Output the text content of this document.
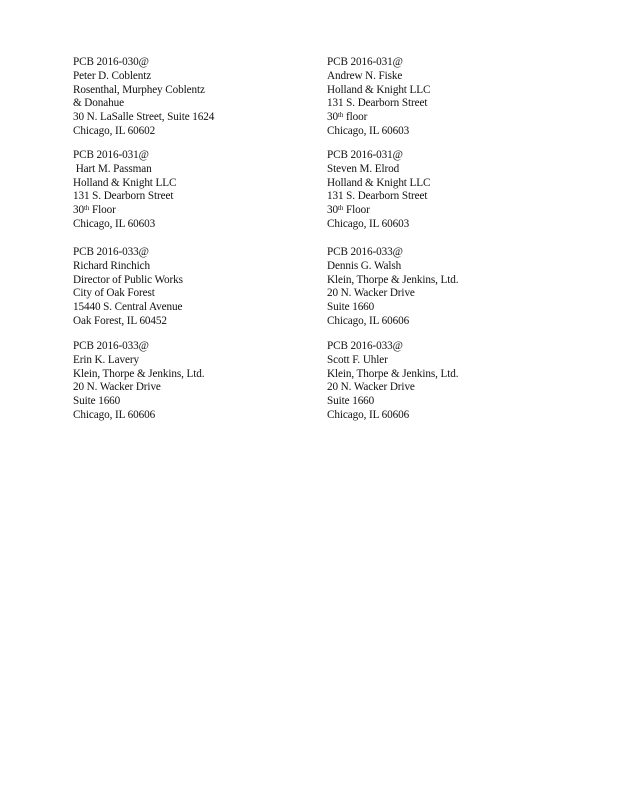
PCB 2016-030@
Peter D. Coblentz
Rosenthal, Murphey Coblentz
& Donahue
30 N. LaSalle Street, Suite 1624
Chicago, IL 60602
PCB 2016-031@
Andrew N. Fiske
Holland & Knight LLC
131 S. Dearborn Street
30th floor
Chicago, IL 60603
PCB 2016-031@
Hart M. Passman
Holland & Knight LLC
131 S. Dearborn Street
30th Floor
Chicago, IL 60603
PCB 2016-031@
Steven M. Elrod
Holland & Knight LLC
131 S. Dearborn Street
30th Floor
Chicago, IL 60603
PCB 2016-033@
Richard Rinchich
Director of Public Works
City of Oak Forest
15440 S. Central Avenue
Oak Forest, IL 60452
PCB 2016-033@
Dennis G. Walsh
Klein, Thorpe & Jenkins, Ltd.
20 N. Wacker Drive
Suite 1660
Chicago, IL 60606
PCB 2016-033@
Erin K. Lavery
Klein, Thorpe & Jenkins, Ltd.
20 N. Wacker Drive
Suite 1660
Chicago, IL 60606
PCB 2016-033@
Scott F. Uhler
Klein, Thorpe & Jenkins, Ltd.
20 N. Wacker Drive
Suite 1660
Chicago, IL 60606
